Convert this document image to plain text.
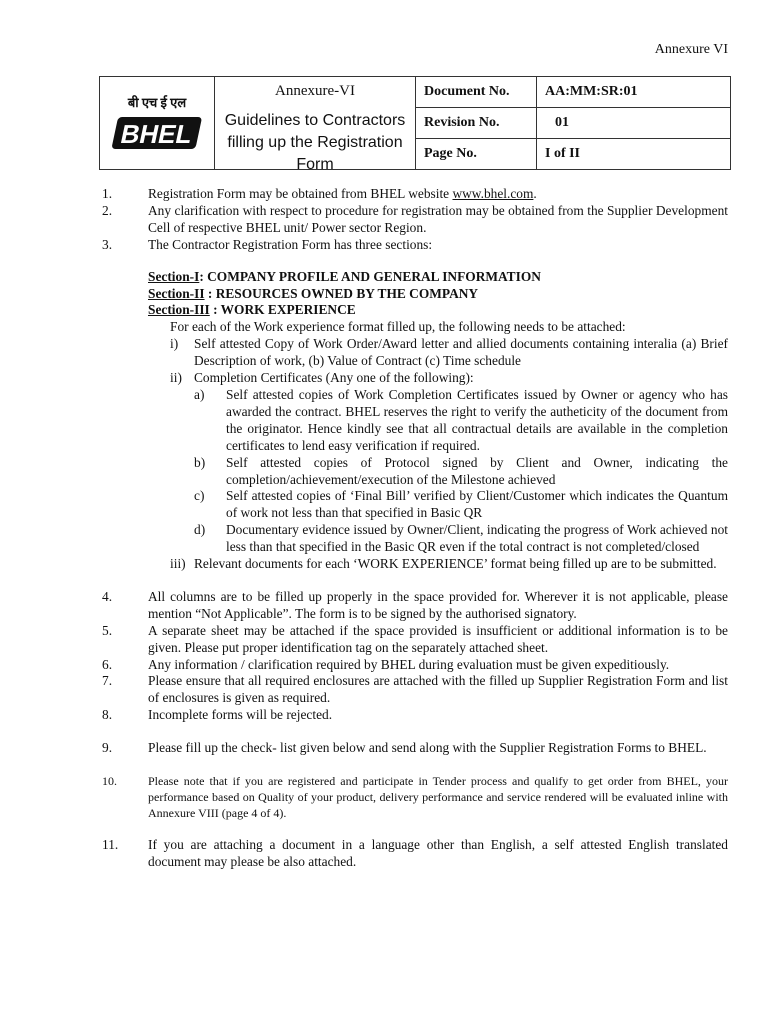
Annexure VI
बी एच ई एल
BHEL
Annexure-VI
Guidelines to Contractors
filling up the Registration Form
Document No.	AA:MM:SR:01
Revision No.	01
Page No.	I of II
1.	Registration Form may be obtained from BHEL website www.bhel.com.
2.	Any clarification with respect to procedure for registration may be obtained from the Supplier Development Cell of respective BHEL unit/ Power sector Region.
3.	The Contractor Registration Form has three sections:
Section-I: COMPANY PROFILE AND GENERAL INFORMATION
Section-II : RESOURCES OWNED BY THE COMPANY
Section-III : WORK EXPERIENCE
For each of the Work experience format filled up, the following needs to be attached:
i) Self attested Copy of Work Order/Award letter and allied documents containing interalia (a) Brief Description of work, (b) Value of Contract (c) Time schedule
ii) Completion Certificates (Any one of the following):
a) Self attested copies of Work Completion Certificates issued by Owner or agency who has awarded the contract. BHEL reserves the right to verify the autheticity of the document from the originator. Hence kindly see that all contractual details are available in the completion certificates to lend easy verification if required.
b) Self attested copies of Protocol signed by Client and Owner, indicating the completion/achievement/execution of the Milestone achieved
c) Self attested copies of ‘Final Bill’ verified by Client/Customer which indicates the Quantum of work not less than that specified in Basic QR
d) Documentary evidence issued by Owner/Client, indicating the progress of Work achieved not less than that specified in the Basic QR even if the total contract is not completed/closed
iii) Relevant documents for each ‘WORK EXPERIENCE’ format being filled up are to be submitted.
4.	All columns are to be filled up properly in the space provided for. Wherever it is not applicable, please mention “Not Applicable”. The form is to be signed by the authorised signatory.
5.	A separate sheet may be attached if the space provided is insufficient or additional information is to be given. Please put proper identification tag on the separately attached sheet.
6.	Any information / clarification required by BHEL during evaluation must be given expeditiously.
7.	Please ensure that all required enclosures are attached with the filled up Supplier Registration Form and list of enclosures is given as required.
8.	Incomplete forms will be rejected.
9.	Please fill up the check- list given below and send along with the Supplier Registration Forms to BHEL.
10.	Please note that if you are registered and participate in Tender process and qualify to get order from BHEL, your performance based on Quality of your product, delivery performance and service rendered will be evaluated inline with Annexure VIII (page 4 of 4).
11. If you are attaching a document in a language other than English, a self attested English translated document may please be also attached.
